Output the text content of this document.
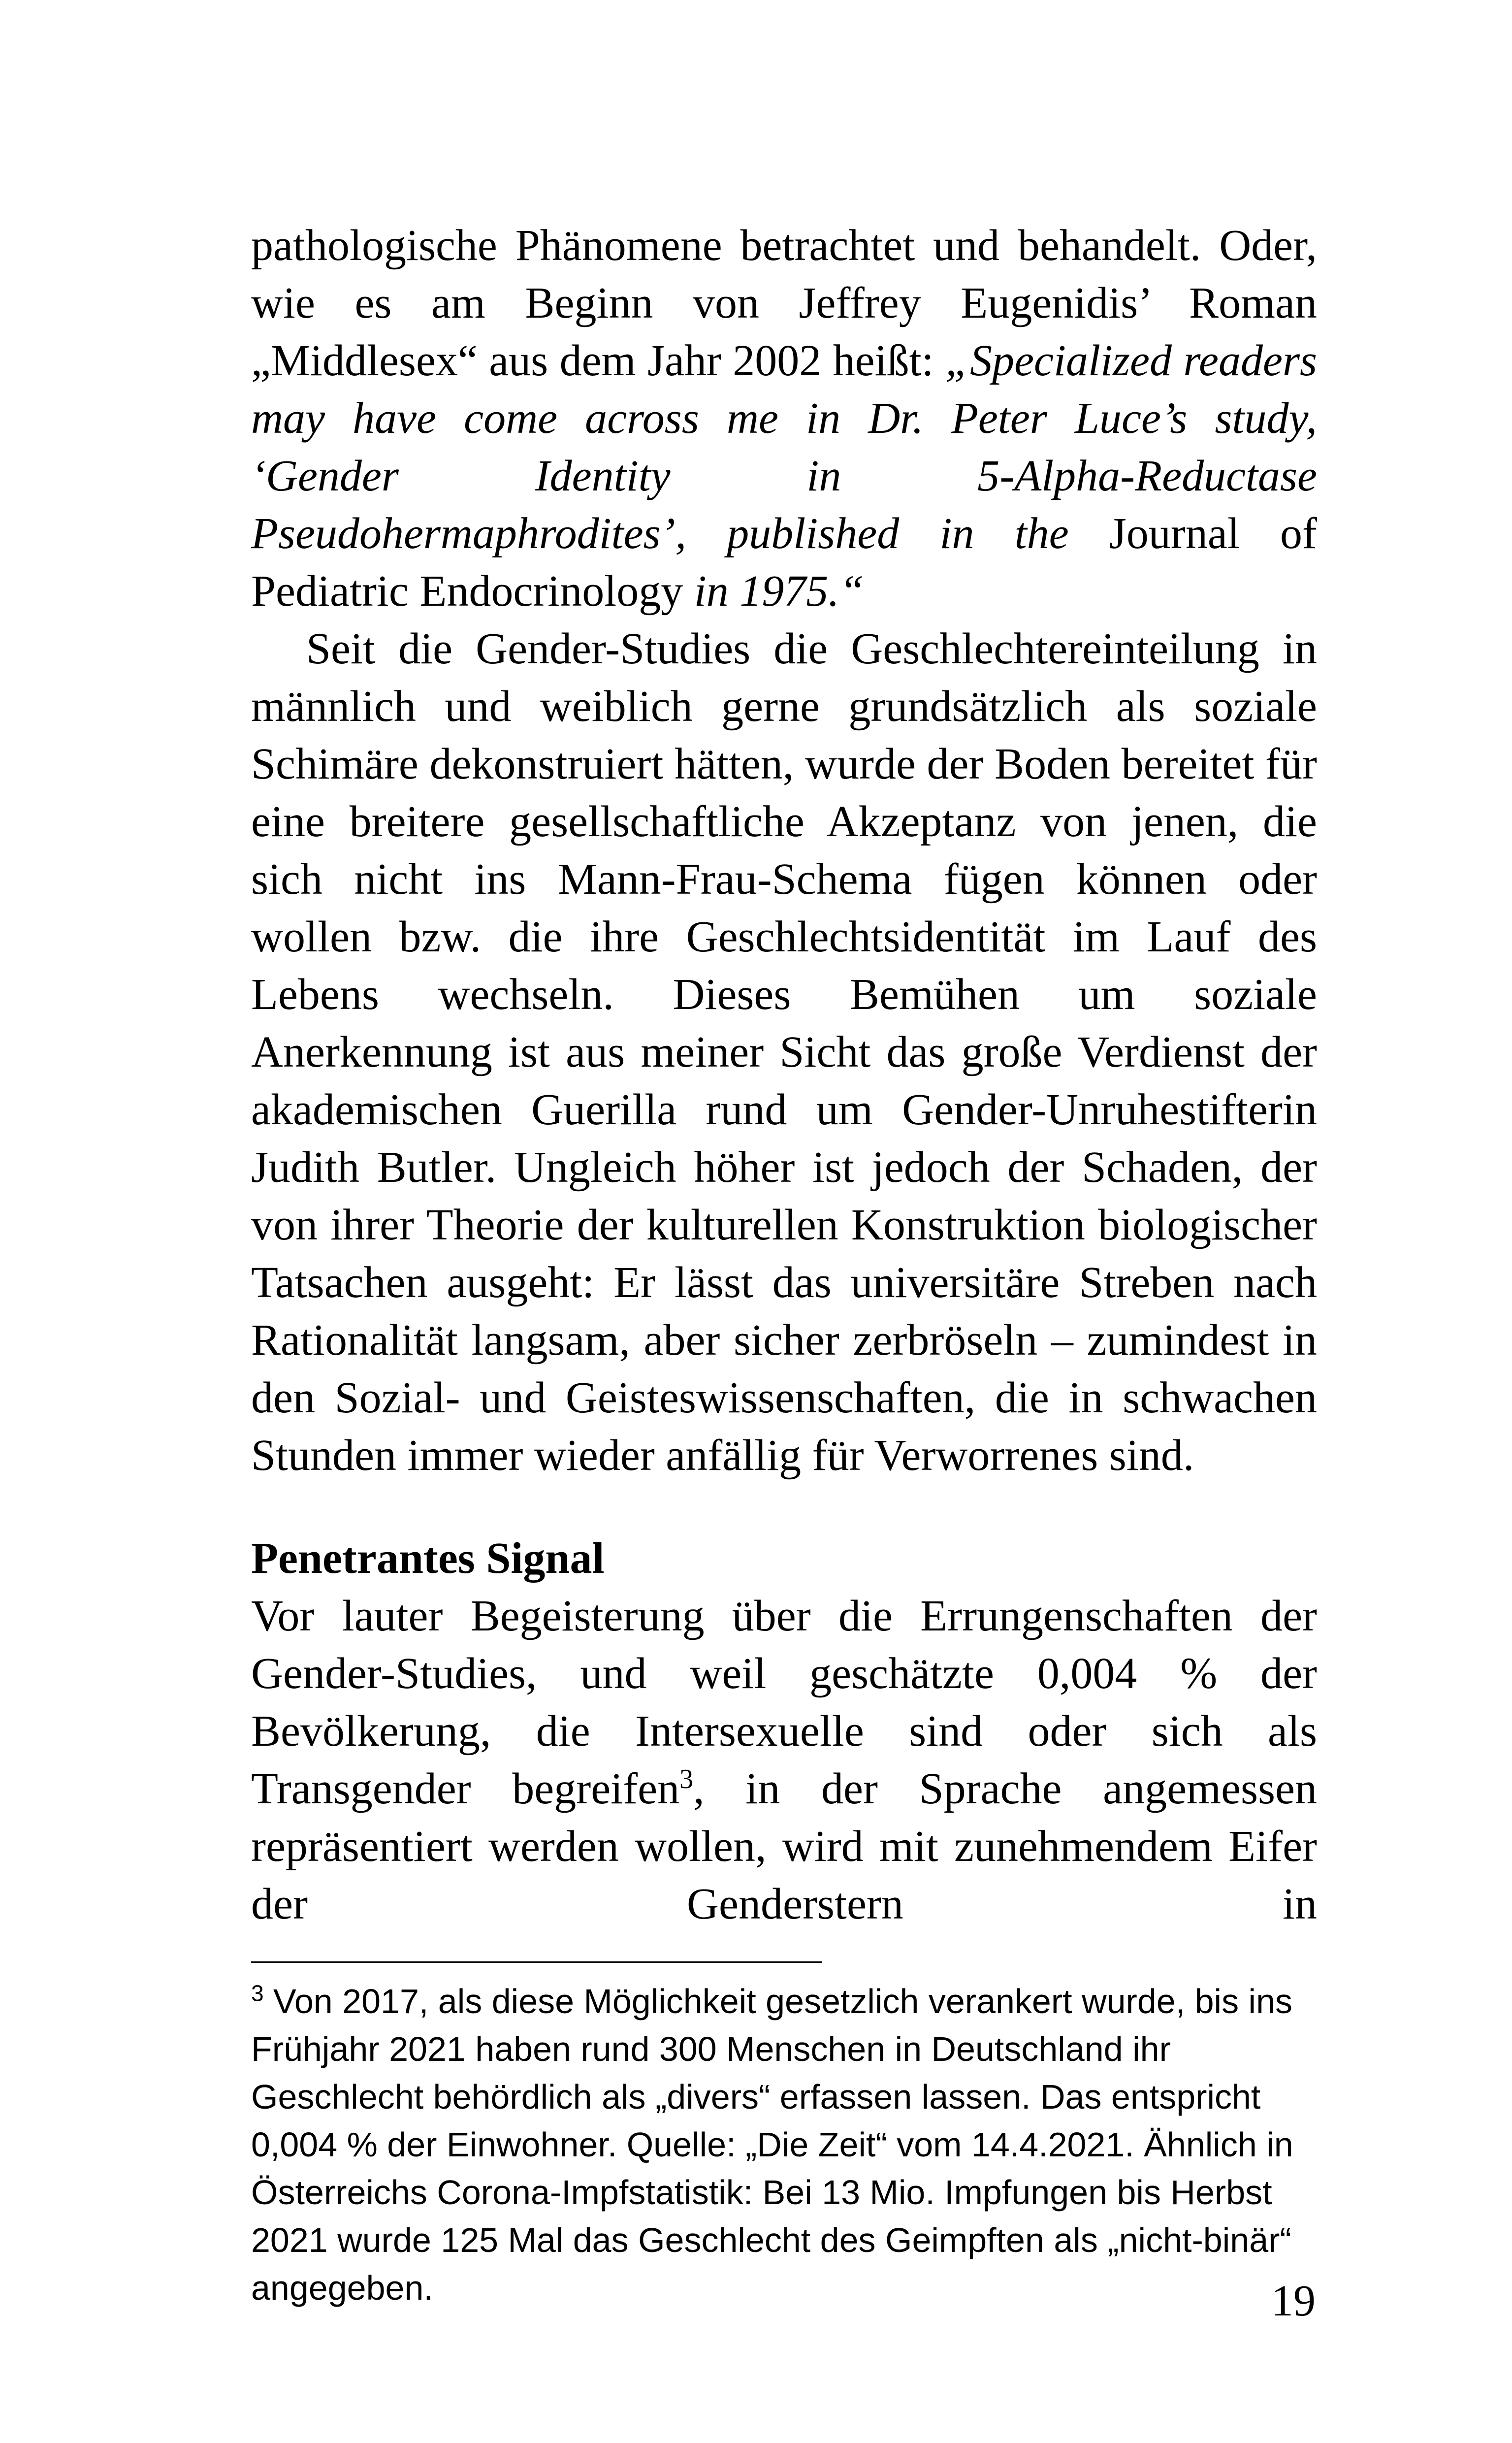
pathologische Phänomene betrachtet und behandelt. Oder, wie es am Beginn von Jeffrey Eugenidis’ Roman „Middlesex“ aus dem Jahr 2002 heißt: „Specialized readers may have come across me in Dr. Peter Luce’s study, ‘Gender Identity in 5-Alpha-Reductase Pseudohermaphrodites’, published in the Journal of Pediatric Endocrinology in 1975.“

Seit die Gender-Studies die Geschlechtereinteilung in männlich und weiblich gerne grundsätzlich als soziale Schimäre dekonstruiert hätten, wurde der Boden bereitet für eine breitere gesellschaftliche Akzeptanz von jenen, die sich nicht ins Mann-Frau-Schema fügen können oder wollen bzw. die ihre Geschlechtsidentität im Lauf des Lebens wechseln. Dieses Bemühen um soziale Anerkennung ist aus meiner Sicht das große Verdienst der akademischen Guerilla rund um Gender-Unruhestifterin Judith Butler. Ungleich höher ist jedoch der Schaden, der von ihrer Theorie der kulturellen Konstruktion biologischer Tatsachen ausgeht: Er lässt das universitäre Streben nach Rationalität langsam, aber sicher zerbröseln – zumindest in den Sozial- und Geisteswissenschaften, die in schwachen Stunden immer wieder anfällig für Verworrenes sind.

Penetrantes Signal

Vor lauter Begeisterung über die Errungenschaften der Gender-Studies, und weil geschätzte 0,004 % der Bevölkerung, die Intersexuelle sind oder sich als Transgender begreifen$^3$, in der Sprache angemessen repräsentiert werden wollen, wird mit zunehmendem Eifer der Genderstern in

$^3$ Von 2017, als diese Möglichkeit gesetzlich verankert wurde, bis ins Frühjahr 2021 haben rund 300 Menschen in Deutschland ihr Geschlecht behördlich als „divers“ erfassen lassen. Das entspricht 0,004 % der Einwohner. Quelle: „Die Zeit“ vom 14.4.2021. Ähnlich in Österreichs Corona-Impfstatistik: Bei 13 Mio. Impfungen bis Herbst 2021 wurde 125 Mal das Geschlecht des Geimpften als „nicht-binär“ angegeben.	19
